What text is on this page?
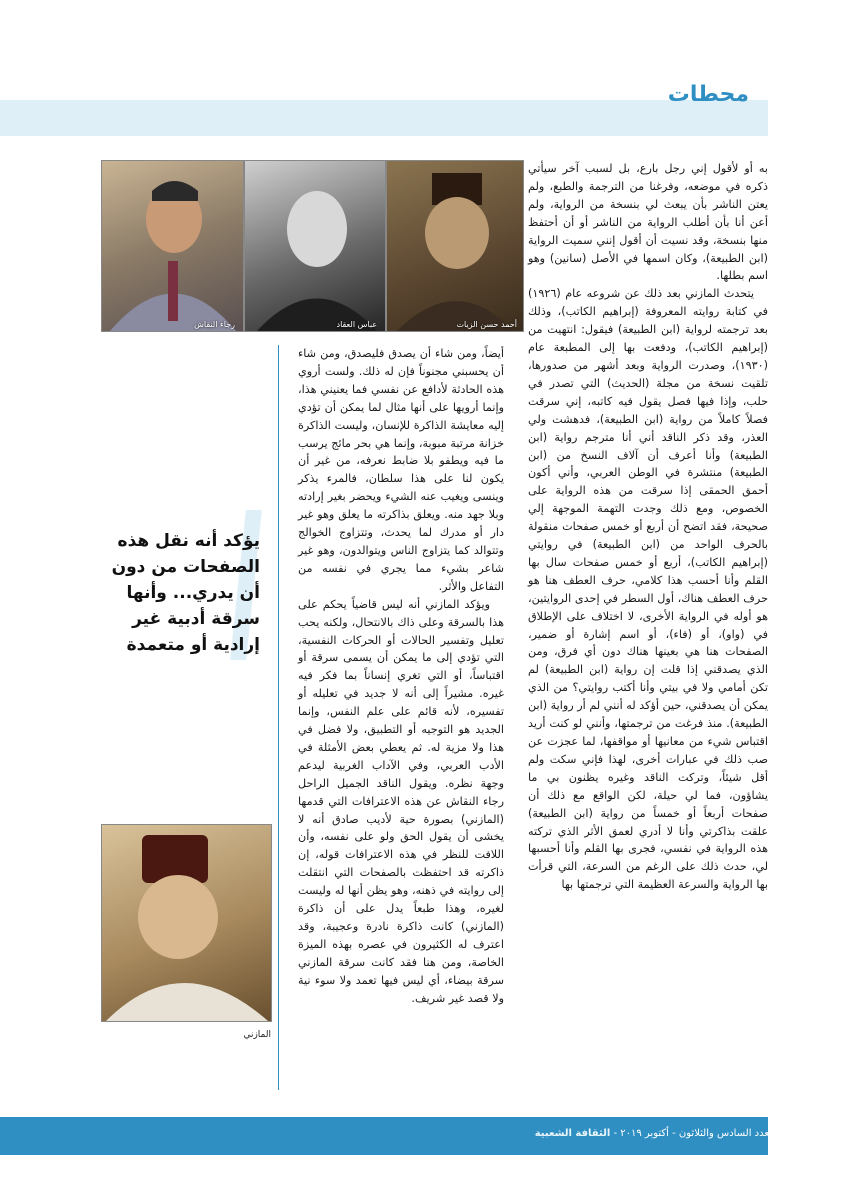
محطات
أحمد حسن الزيات
عباس العقاد
رجاء النقاش

به أو لأقول إني رجل بارع، بل لسبب آخر سيأتي ذكره في موضعه، وفرغنا من الترجمة والطبع، ولم يعتن الناشر بأن يبعث لي بنسخة من الرواية، ولم أعن أنا بأن أطلب الرواية من الناشر أو أن أحتفظ منها بنسخة، وقد نسيت أن أقول إنني سميت الرواية (ابن الطبيعة)، وكان اسمها في الأصل (سانين) وهو اسم بطلها.

يتحدث المازني بعد ذلك عن شروعه عام (١٩٢٦) في كتابة روايته المعروفة (إبراهيم الكاتب)، وذلك بعد ترجمته لرواية (ابن الطبيعة) فيقول: انتهيت من (إبراهيم الكاتب)، ودفعت بها إلى المطبعة عام (١٩٣٠)، وصدرت الرواية وبعد أشهر من صدورها، تلقيت نسخة من مجلة (الحديث) التي تصدر في حلب، وإذا فيها فصل يقول فيه كاتبه، إني سرقت فصلاً كاملاً من رواية (ابن الطبيعة)، فدهشت ولي العذر، وقد ذكر الناقد أني أنا مترجم رواية (ابن الطبيعة) وأنا أعرف أن آلاف النسخ من (ابن الطبيعة) منتشرة في الوطن العربي، وأني أكون أحمق الحمقى إذا سرقت من هذه الرواية على الخصوص، ومع ذلك وجدت التهمة الموجهة إلي صحيحة، فقد اتضح أن أربع أو خمس صفحات منقولة بالحرف الواحد من (ابن الطبيعة) في روايتي (إبراهيم الكاتب)، أربع أو خمس صفحات سال بها القلم وأنا أحسب هذا كلامي، حرف العطف هنا هو حرف العطف هناك، أول السطر في إحدى الروايتين، هو أوله في الرواية الأخرى، لا اختلاف على الإطلاق في (واو)، أو (فاء)، أو اسم إشارة أو ضمير، الصفحات هنا هي بعينها هناك دون أي فرق، ومن الذي يصدقني إذا قلت إن رواية (ابن الطبيعة) لم تكن أمامي ولا في بيتي وأنا أكتب روايتي؟ من الذي يمكن أن يصدقني، حين أؤكد له أنني لم أر رواية (ابن الطبيعة). منذ فرغت من ترجمتها، وأنني لو كنت أريد اقتباس شيء من معانيها أو مواقفها، لما عجزت عن صب ذلك في عبارات أخرى، لهذا فإني سكت ولم أقل شيئاً، وتركت الناقد وغيره يظنون بي ما يشاؤون، فما لي حيلة، لكن الواقع مع ذلك أن صفحات أربعاً أو خمساً من رواية (ابن الطبيعة) علقت بذاكرتي وأنا لا أدري لعمق الأثر الذي تركته هذه الرواية في نفسي، فجرى بها القلم وأنا أحسبها لي، حدث ذلك على الرغم من السرعة، التي قرأت بها الرواية والسرعة العظيمة التي ترجمتها بها

أيضاً، ومن شاء أن يصدق فليصدق، ومن شاء أن يحسبني مجنوناً فإن له ذلك. ولست أروي هذه الحادثة لأدافع عن نفسي فما يعنيني هذا، وإنما أرويها على أنها مثال لما يمكن أن تؤدي إليه معايشة الذاكرة للإنسان، وليست الذاكرة خزانة مرتبة مبوبة، وإنما هي بحر مائج يرسب ما فيه ويطفو بلا ضابط نعرفه، من غير أن يكون لنا على هذا سلطان، فالمرء يذكر وينسى ويغيب عنه الشيء ويحضر بغير إرادته وبلا جهد منه. ويعلق بذاكرته ما يعلق وهو غير دار أو مدرك لما يحدث، وتتزاوج الخوالج وتتوالد كما يتزاوج الناس ويتوالدون، وهو غير شاعر بشيء مما يجري في نفسه من التفاعل والأثر.

ويؤكد المازني أنه ليس قاضياً يحكم على هذا بالسرقة وعلى ذاك بالانتحال، ولكنه يحب تعليل وتفسير الحالات أو الحركات النفسية، التي تؤدي إلى ما يمكن أن يسمى سرقة أو اقتباساً، أو التي تغري إنساناً بما فكر فيه غيره. مشيراً إلى أنه لا جديد في تعليله أو تفسيره، لأنه قائم على علم النفس، وإنما الجديد هو التوجيه أو التطبيق، ولا فضل في هذا ولا مزية له. ثم يعطي بعض الأمثلة في الأدب العربي، وفي الآداب الغربية ليدعم وجهة نظره. ويقول الناقد الجميل الراحل رجاء النقاش عن هذه الاعترافات التي قدمها (المازني) بصورة حية لأديب صادق أنه لا يخشى أن يقول الحق ولو على نفسه، وأن اللافت للنظر في هذه الاعترافات قوله، إن ذاكرته قد احتفظت بالصفحات التي انتقلت إلى روايته في ذهنه، وهو يظن أنها له وليست لغيره، وهذا طبعاً يدل على أن ذاكرة (المازني) كانت ذاكرة نادرة وعجيبة، وقد اعترف له الكثيرون في عصره بهذه الميزة الخاصة، ومن هنا فقد كانت سرقة المازني سرقة بيضاء، أي ليس فيها تعمد ولا سوء نية ولا قصد غير شريف.

يؤكد أنه نقل هذه الصفحات من دون أن يدري... وأنها سرقة أدبية غير إرادية أو متعمدة

المازني
العدد السادس والثلاثون - أكتوبر ٢٠١٩ - الثقافة الشعبية	٤٦
